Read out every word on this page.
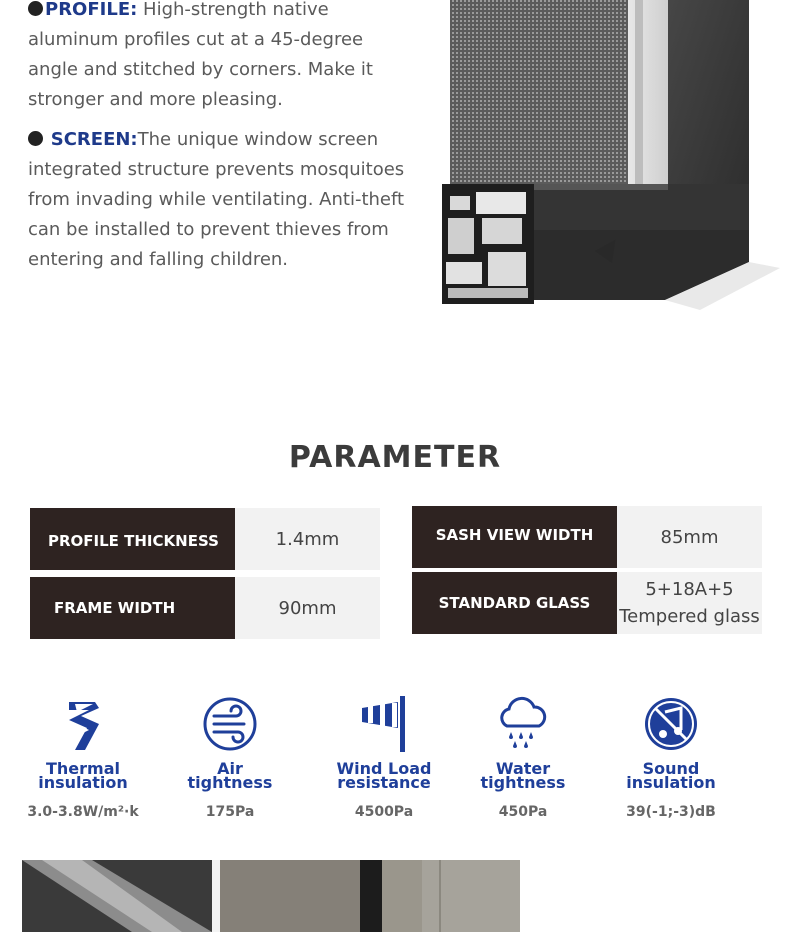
PROFILE: High-strength native aluminum profiles cut at a 45-degree angle and stitched by corners. Make it stronger and more pleasing.

SCREEN:The unique window screen integrated structure prevents mosquitoes from invading while ventilating. Anti-theft can be installed to prevent thieves from entering and falling children.	▲
PARAMETER
PROFILE THICKNESS	1.4mm
FRAME WIDTH	90mm
SASH VIEW WIDTH	85mm
STANDARD GLASS
5+18A+5
Tempered glass
Thermal
insulation
3.0-3.8W/m²·k
Air
tightness
175Pa
Wind Load
resistance
4500Pa
Water
tightness
450Pa
Sound
insulation
39(-1;-3)dB
